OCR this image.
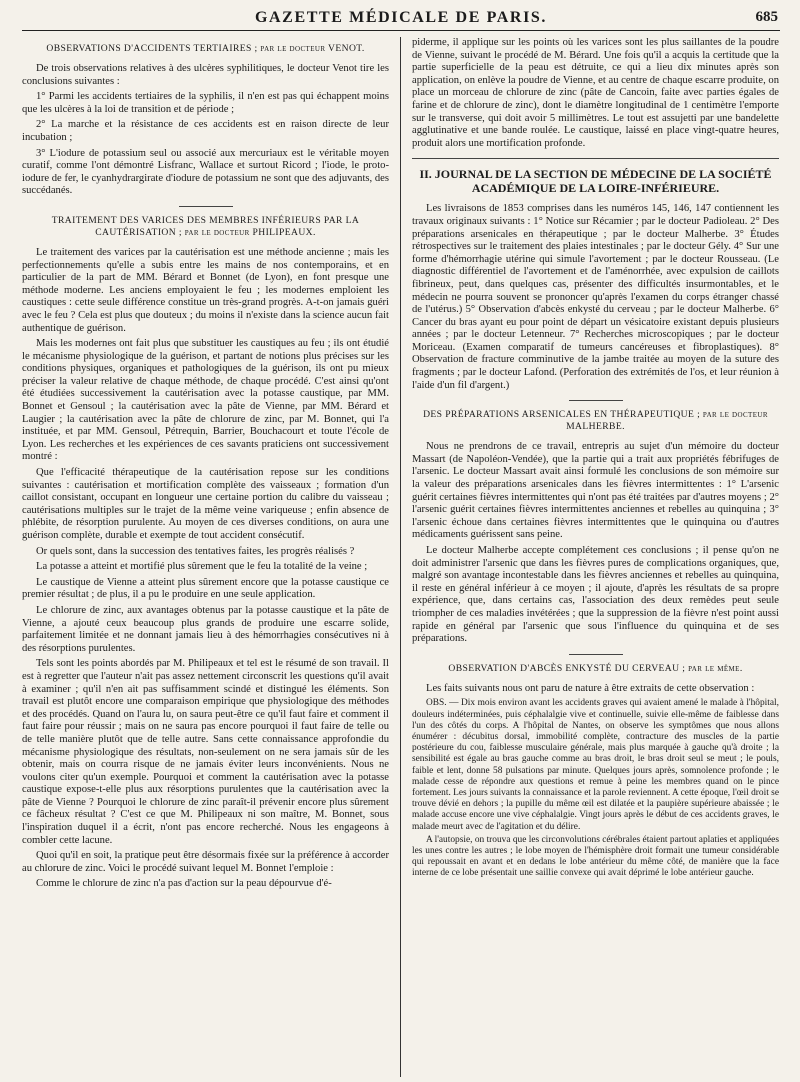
GAZETTE MÉDICALE DE PARIS.	685
OBSERVATIONS D'ACCIDENTS TERTIAIRES ; par le docteur VENOT.

De trois observations relatives à des ulcères syphilitiques, le docteur Venot tire les conclusions suivantes :

1° Parmi les accidents tertiaires de la syphilis, il n'en est pas qui échappent moins que les ulcères à la loi de transition et de période ;

2° La marche et la résistance de ces accidents est en raison directe de leur incubation ;

3° L'iodure de potassium seul ou associé aux mercuriaux est le véritable moyen curatif, comme l'ont démontré Lisfranc, Wallace et surtout Ricord ; l'iode, le proto-iodure de fer, le cyanhydrargirate d'iodure de potassium ne sont que des adjuvants, des succédanés.

TRAITEMENT DES VARICES DES MEMBRES INFÉRIEURS PAR LA CAUTÉRISATION ; par le docteur PHILIPEAUX.

Le traitement des varices par la cautérisation est une méthode ancienne ; mais les perfectionnements qu'elle a subis entre les mains de nos contemporains, et en particulier de la part de MM. Bérard et Bonnet (de Lyon), en font presque une méthode moderne. Les anciens employaient le feu ; les modernes emploient les caustiques : cette seule différence constitue un très-grand progrès. A-t-on jamais guéri avec le feu ? Cela est plus que douteux ; du moins il n'existe dans la science aucun fait authentique de guérison.

Mais les modernes ont fait plus que substituer les caustiques au feu ; ils ont étudié le mécanisme physiologique de la guérison, et partant de notions plus précises sur les conditions physiques, organiques et pathologiques de la guérison, ils ont pu mieux préciser la valeur relative de chaque méthode, de chaque procédé. C'est ainsi qu'ont été étudiées successivement la cautérisation avec la potasse caustique, par MM. Bonnet et Gensoul ; la cautérisation avec la pâte de Vienne, par MM. Bérard et Laugier ; la cautérisation avec la pâte de chlorure de zinc, par M. Bonnet, qui l'a instituée, et par MM. Gensoul, Pétrequin, Barrier, Bouchacourt et toute l'école de Lyon. Les recherches et les expériences de ces savants praticiens ont successivement montré :

Que l'efficacité thérapeutique de la cautérisation repose sur les conditions suivantes : cautérisation et mortification complète des vaisseaux ; formation d'un caillot consistant, occupant en longueur une certaine portion du calibre du vaisseau ; cautérisations multiples sur le trajet de la même veine variqueuse ; enfin absence de phlébite, de résorption purulente. Au moyen de ces diverses conditions, on aura une guérison complète, durable et exempte de tout accident consécutif.

Or quels sont, dans la succession des tentatives faites, les progrès réalisés ?

La potasse a atteint et mortifié plus sûrement que le feu la totalité de la veine ;

Le caustique de Vienne a atteint plus sûrement encore que la potasse caustique ce premier résultat ; de plus, il a pu le produire en une seule application.

Le chlorure de zinc, aux avantages obtenus par la potasse caustique et la pâte de Vienne, a ajouté ceux beaucoup plus grands de produire une escarre solide, parfaitement limitée et ne donnant jamais lieu à des hémorrhagies consécutives ni à des résorptions purulentes.

Tels sont les points abordés par M. Philipeaux et tel est le résumé de son travail. Il est à regretter que l'auteur n'ait pas assez nettement circonscrit les questions qu'il avait à examiner ; qu'il n'en ait pas suffisamment scindé et distingué les éléments. Son travail est plutôt encore une comparaison empirique que physiologique des méthodes et des procédés. Quand on l'aura lu, on saura peut-être ce qu'il faut faire et comment il faut faire pour réussir ; mais on ne saura pas encore pourquoi il faut faire de telle ou de telle manière plutôt que de telle autre. Sans cette connaissance approfondie du mécanisme physiologique des résultats, non-seulement on ne sera jamais sûr de les obtenir, mais on courra risque de ne jamais éviter leurs inconvénients. Nous ne voulons citer qu'un exemple. Pourquoi et comment la cautérisation avec la potasse caustique expose-t-elle plus aux résorptions purulentes que la cautérisation avec la pâte de Vienne ? Pourquoi le chlorure de zinc paraît-il prévenir encore plus sûrement ce fâcheux résultat ? C'est ce que M. Philipeaux ni son maître, M. Bonnet, sous l'inspiration duquel il a écrit, n'ont pas encore recherché. Nous les engageons à combler cette lacune.

Quoi qu'il en soit, la pratique peut être désormais fixée sur la préférence à accorder au chlorure de zinc. Voici le procédé suivant lequel M. Bonnet l'emploie :

Comme le chlorure de zinc n'a pas d'action sur la peau dépourvue d'é-

piderme, il applique sur les points où les varices sont les plus saillantes de la poudre de Vienne, suivant le procédé de M. Bérard. Une fois qu'il a acquis la certitude que la partie superficielle de la peau est détruite, ce qui a lieu dix minutes après son application, on enlève la poudre de Vienne, et au centre de chaque escarre produite, on place un morceau de chlorure de zinc (pâte de Cancoin, faite avec parties égales de farine et de chlorure de zinc), dont le diamètre longitudinal de 1 centimètre l'emporte sur le transverse, qui doit avoir 5 millimètres. Le tout est assujetti par une bandelette agglutinative et une bande roulée. Le caustique, laissé en place vingt-quatre heures, produit alors une mortification profonde.

II. JOURNAL DE LA SECTION DE MÉDECINE DE LA SOCIÉTÉ ACADÉMIQUE DE LA LOIRE-INFÉRIEURE.

Les livraisons de 1853 comprises dans les numéros 145, 146, 147 contiennent les travaux originaux suivants : 1° Notice sur Récamier ; par le docteur Padioleau. 2° Des préparations arsenicales en thérapeutique ; par le docteur Malherbe. 3° Études rétrospectives sur le traitement des plaies intestinales ; par le docteur Gély. 4° Sur une forme d'hémorrhagie utérine qui simule l'avortement ; par le docteur Rousseau. (Le diagnostic différentiel de l'avortement et de l'aménorrhée, avec expulsion de caillots fibrineux, peut, dans quelques cas, présenter des difficultés insurmontables, et le médecin ne pourra souvent se prononcer qu'après l'examen du corps étranger chassé de l'utérus.) 5° Observation d'abcès enkysté du cerveau ; par le docteur Malherbe. 6° Cancer du bras ayant eu pour point de départ un vésicatoire existant depuis plusieurs années ; par le docteur Letenneur. 7° Recherches microscopiques ; par le docteur Moriceau. (Examen comparatif de tumeurs cancéreuses et fibroplastiques). 8° Observation de fracture comminutive de la jambe traitée au moyen de la suture des fragments ; par le docteur Lafond. (Perforation des extrémités de l'os, et leur réunion à l'aide d'un fil d'argent.)

DES PRÉPARATIONS ARSENICALES EN THÉRAPEUTIQUE ; par le docteur MALHERBE.

Nous ne prendrons de ce travail, entrepris au sujet d'un mémoire du docteur Massart (de Napoléon-Vendée), que la partie qui a trait aux propriétés fébrifuges de l'arsenic. Le docteur Massart avait ainsi formulé les conclusions de son mémoire sur la valeur des préparations arsenicales dans les fièvres intermittentes : 1° L'arsenic guérit certaines fièvres intermittentes qui n'ont pas été traitées par d'autres moyens ; 2° l'arsenic guérit certaines fièvres intermittentes anciennes et rebelles au quinquina ; 3° l'arsenic échoue dans certaines fièvres intermittentes que le quinquina ou d'autres médicaments guérissent sans peine.

Le docteur Malherbe accepte complétement ces conclusions ; il pense qu'on ne doit administrer l'arsenic que dans les fièvres pures de complications organiques, que, malgré son avantage incontestable dans les fièvres anciennes et rebelles au quinquina, il reste en général inférieur à ce moyen ; il ajoute, d'après les résultats de sa propre expérience, que, dans certains cas, l'association des deux remèdes peut seule triompher de ces maladies invétérées ; que la suppression de la fièvre n'est point aussi rapide en général par l'arsenic que sous l'influence du quinquina et de ses préparations.

OBSERVATION D'ABCÈS ENKYSTÉ DU CERVEAU ; par le même.

Les faits suivants nous ont paru de nature à être extraits de cette observation :

OBS. — Dix mois environ avant les accidents graves qui avaient amené le malade à l'hôpital, douleurs indéterminées, puis céphalalgie vive et continuelle, suivie elle-même de faiblesse dans l'un des côtés du corps. A l'hôpital de Nantes, on observe les symptômes que nous allons énumérer : décubitus dorsal, immobilité complète, contracture des muscles de la partie postérieure du cou, faiblesse musculaire générale, mais plus marquée à gauche qu'à droite ; la sensibilité est égale au bras gauche comme au bras droit, le bras droit seul se meut ; le pouls, faible et lent, donne 58 pulsations par minute. Quelques jours après, somnolence profonde ; le malade cesse de répondre aux questions et remue à peine les membres quand on le pince fortement. Les jours suivants la connaissance et la parole reviennent. A cette époque, l'œil droit se trouve dévié en dehors ; la pupille du même œil est dilatée et la paupière supérieure abaissée ; le malade accuse encore une vive céphalalgie. Vingt jours après le début de ces accidents graves, le malade meurt avec de l'agitation et du délire.

A l'autopsie, on trouva que les circonvolutions cérébrales étaient partout aplaties et appliquées les unes contre les autres ; le lobe moyen de l'hémisphère droit formait une tumeur considérable qui repoussait en avant et en dedans le lobe antérieur du même côté, de manière que la face interne de ce lobe présentait une saillie convexe qui avait déprimé le lobe antérieur gauche.
